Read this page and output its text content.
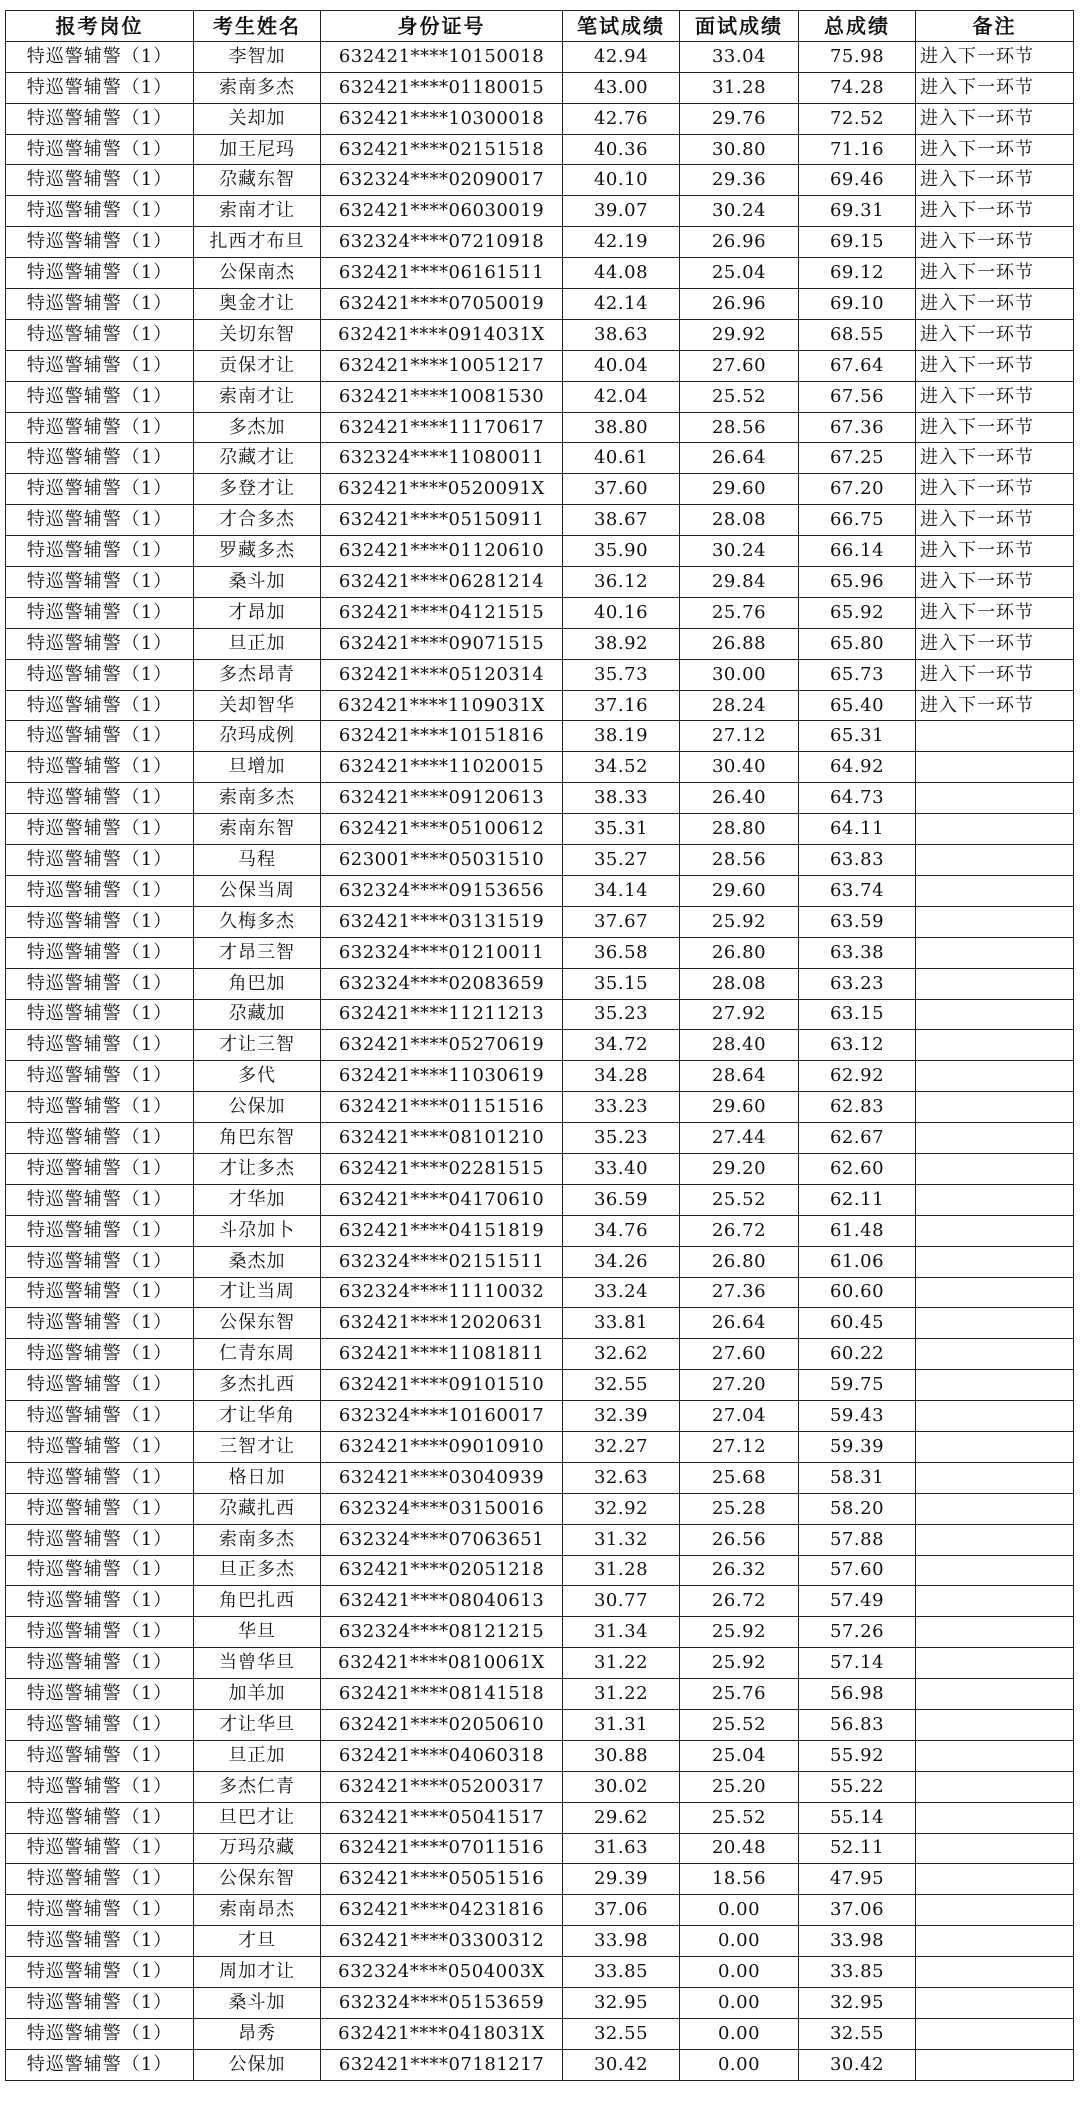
报考岗位	考生姓名	身份证号	笔试成绩	面试成绩	总成绩	备注
特巡警辅警（1）	李智加	632421****10150018	42.94	33.04	75.98	进入下一环节
特巡警辅警（1）	索南多杰	632421****01180015	43.00	31.28	74.28	进入下一环节
特巡警辅警（1）	关却加	632421****10300018	42.76	29.76	72.52	进入下一环节
特巡警辅警（1）	加王尼玛	632421****02151518	40.36	30.80	71.16	进入下一环节
特巡警辅警（1）	尕藏东智	632324****02090017	40.10	29.36	69.46	进入下一环节
特巡警辅警（1）	索南才让	632421****06030019	39.07	30.24	69.31	进入下一环节
特巡警辅警（1）	扎西才布旦	632324****07210918	42.19	26.96	69.15	进入下一环节
特巡警辅警（1）	公保南杰	632421****06161511	44.08	25.04	69.12	进入下一环节
特巡警辅警（1）	奥金才让	632421****07050019	42.14	26.96	69.10	进入下一环节
特巡警辅警（1）	关切东智	632421****0914031X	38.63	29.92	68.55	进入下一环节
特巡警辅警（1）	贡保才让	632421****10051217	40.04	27.60	67.64	进入下一环节
特巡警辅警（1）	索南才让	632421****10081530	42.04	25.52	67.56	进入下一环节
特巡警辅警（1）	多杰加	632421****11170617	38.80	28.56	67.36	进入下一环节
特巡警辅警（1）	尕藏才让	632324****11080011	40.61	26.64	67.25	进入下一环节
特巡警辅警（1）	多登才让	632421****0520091X	37.60	29.60	67.20	进入下一环节
特巡警辅警（1）	才合多杰	632421****05150911	38.67	28.08	66.75	进入下一环节
特巡警辅警（1）	罗藏多杰	632421****01120610	35.90	30.24	66.14	进入下一环节
特巡警辅警（1）	桑斗加	632421****06281214	36.12	29.84	65.96	进入下一环节
特巡警辅警（1）	才昂加	632421****04121515	40.16	25.76	65.92	进入下一环节
特巡警辅警（1）	旦正加	632421****09071515	38.92	26.88	65.80	进入下一环节
特巡警辅警（1）	多杰昂青	632421****05120314	35.73	30.00	65.73	进入下一环节
特巡警辅警（1）	关却智华	632421****1109031X	37.16	28.24	65.40	进入下一环节
特巡警辅警（1）	尕玛成例	632421****10151816	38.19	27.12	65.31	
特巡警辅警（1）	旦增加	632421****11020015	34.52	30.40	64.92	
特巡警辅警（1）	索南多杰	632421****09120613	38.33	26.40	64.73	
特巡警辅警（1）	索南东智	632421****05100612	35.31	28.80	64.11	
特巡警辅警（1）	马程	623001****05031510	35.27	28.56	63.83	
特巡警辅警（1）	公保当周	632324****09153656	34.14	29.60	63.74	
特巡警辅警（1）	久梅多杰	632421****03131519	37.67	25.92	63.59	
特巡警辅警（1）	才昂三智	632324****01210011	36.58	26.80	63.38	
特巡警辅警（1）	角巴加	632324****02083659	35.15	28.08	63.23	
特巡警辅警（1）	尕藏加	632421****11211213	35.23	27.92	63.15	
特巡警辅警（1）	才让三智	632421****05270619	34.72	28.40	63.12	
特巡警辅警（1）	多代	632421****11030619	34.28	28.64	62.92	
特巡警辅警（1）	公保加	632421****01151516	33.23	29.60	62.83	
特巡警辅警（1）	角巴东智	632421****08101210	35.23	27.44	62.67	
特巡警辅警（1）	才让多杰	632421****02281515	33.40	29.20	62.60	
特巡警辅警（1）	才华加	632421****04170610	36.59	25.52	62.11	
特巡警辅警（1）	斗尕加卜	632421****04151819	34.76	26.72	61.48	
特巡警辅警（1）	桑杰加	632324****02151511	34.26	26.80	61.06	
特巡警辅警（1）	才让当周	632324****11110032	33.24	27.36	60.60	
特巡警辅警（1）	公保东智	632421****12020631	33.81	26.64	60.45	
特巡警辅警（1）	仁青东周	632421****11081811	32.62	27.60	60.22	
特巡警辅警（1）	多杰扎西	632421****09101510	32.55	27.20	59.75	
特巡警辅警（1）	才让华角	632324****10160017	32.39	27.04	59.43	
特巡警辅警（1）	三智才让	632421****09010910	32.27	27.12	59.39	
特巡警辅警（1）	格日加	632421****03040939	32.63	25.68	58.31	
特巡警辅警（1）	尕藏扎西	632324****03150016	32.92	25.28	58.20	
特巡警辅警（1）	索南多杰	632324****07063651	31.32	26.56	57.88	
特巡警辅警（1）	旦正多杰	632421****02051218	31.28	26.32	57.60	
特巡警辅警（1）	角巴扎西	632421****08040613	30.77	26.72	57.49	
特巡警辅警（1）	华旦	632324****08121215	31.34	25.92	57.26	
特巡警辅警（1）	当曾华旦	632421****0810061X	31.22	25.92	57.14	
特巡警辅警（1）	加羊加	632421****08141518	31.22	25.76	56.98	
特巡警辅警（1）	才让华旦	632421****02050610	31.31	25.52	56.83	
特巡警辅警（1）	旦正加	632421****04060318	30.88	25.04	55.92	
特巡警辅警（1）	多杰仁青	632421****05200317	30.02	25.20	55.22	
特巡警辅警（1）	旦巴才让	632421****05041517	29.62	25.52	55.14	
特巡警辅警（1）	万玛尕藏	632421****07011516	31.63	20.48	52.11	
特巡警辅警（1）	公保东智	632421****05051516	29.39	18.56	47.95	
特巡警辅警（1）	索南昂杰	632421****04231816	37.06	0.00	37.06	
特巡警辅警（1）	才旦	632421****03300312	33.98	0.00	33.98	
特巡警辅警（1）	周加才让	632324****0504003X	33.85	0.00	33.85	
特巡警辅警（1）	桑斗加	632324****05153659	32.95	0.00	32.95	
特巡警辅警（1）	昂秀	632421****0418031X	32.55	0.00	32.55	
特巡警辅警（1）	公保加	632421****07181217	30.42	0.00	30.42	
